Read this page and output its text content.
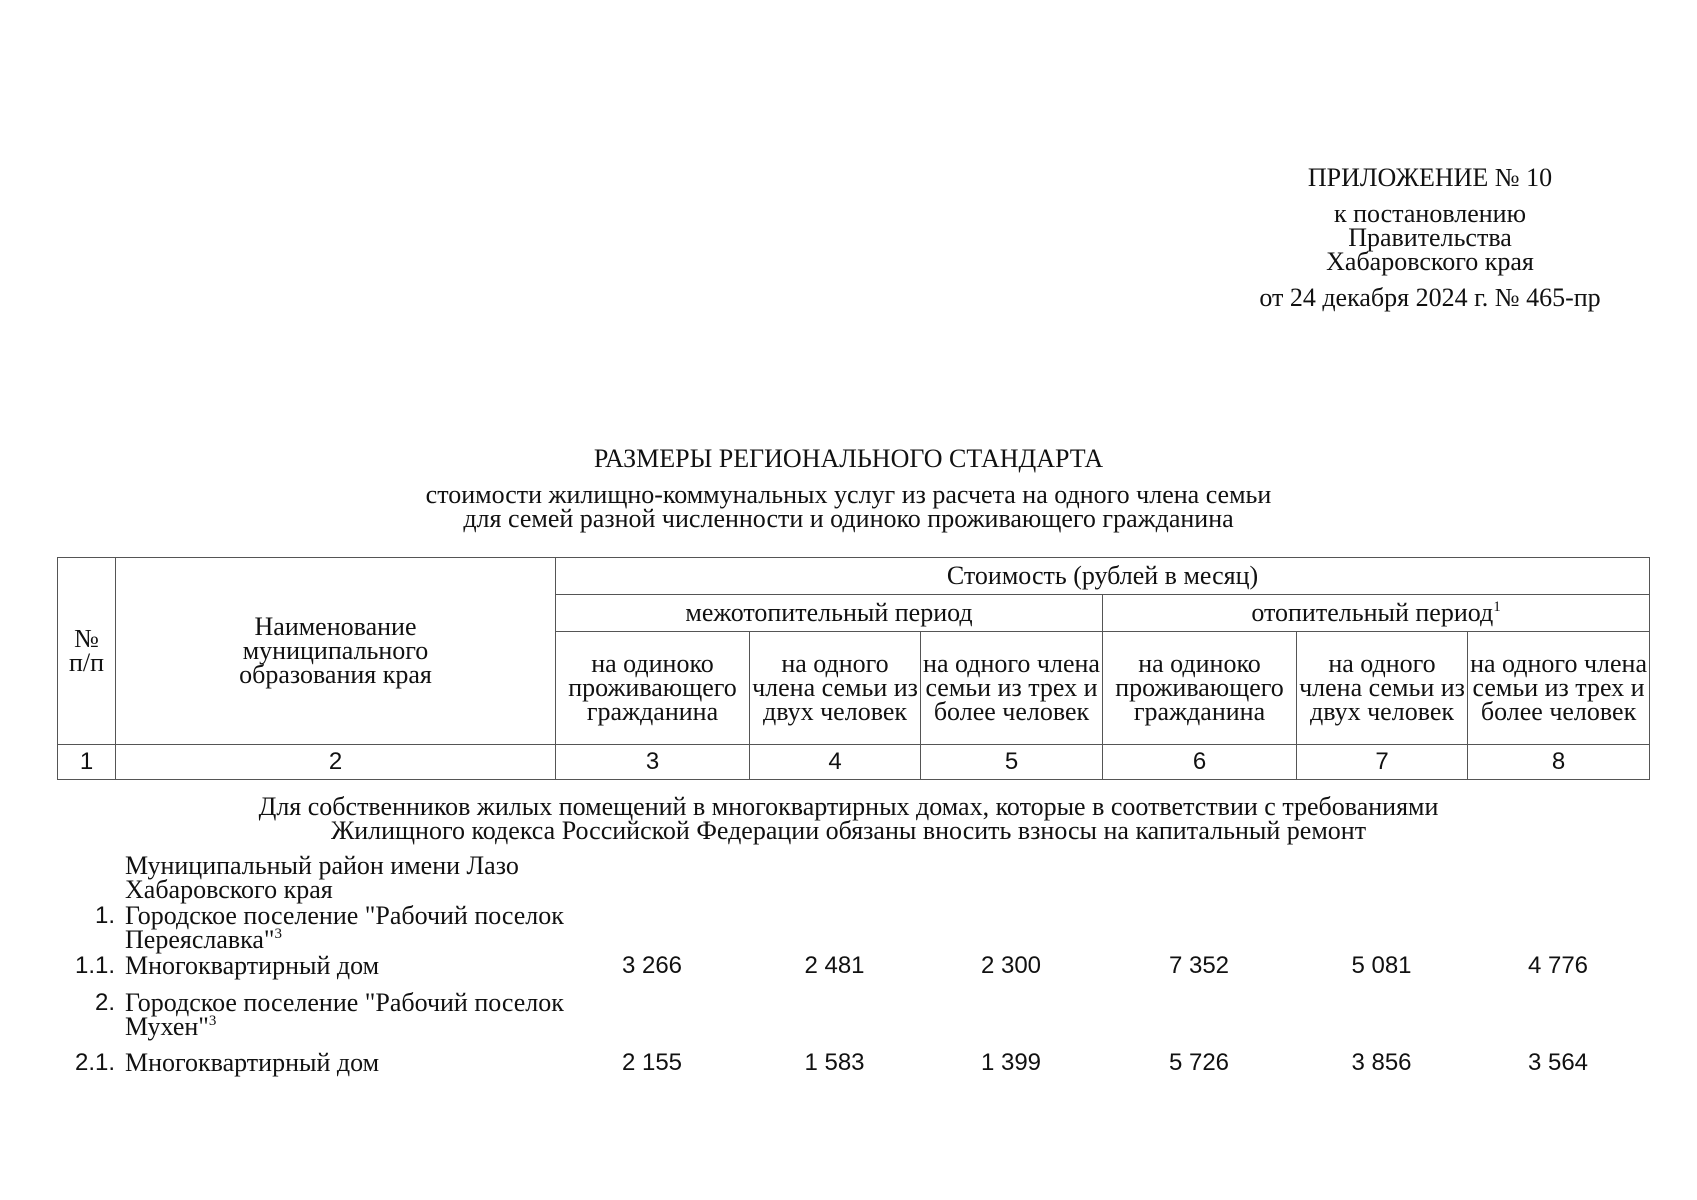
ПРИЛОЖЕНИЕ № 10
к постановлению
Правительства
Хабаровского края
от 24 декабря 2024 г. № 465-пр
РАЗМЕРЫ РЕГИОНАЛЬНОГО СТАНДАРТА
стоимости жилищно-коммунальных услуг из расчета на одного члена семьи
для семей разной численности и одиноко проживающего гражданина
№ п/п	Наименование муниципального образования края	Стоимость (рублей в месяц)					
		межотопительный период			отопительный период$^1$
		на одиноко проживающего гражданина	на одного члена семьи из двух человек	на одного члена семьи из трех и более человек	на одиноко проживающего гражданина	на одного члена семьи из двух человек	на одного члена семьи из трех и более человек
1	2	3	4	5	6	7	8
Для собственников жилых помещений в многоквартирных домах, которые в соответствии с требованиями
Жилищного кодекса Российской Федерации обязаны вносить взносы на капитальный ремонт
Муниципальный район имени Лазо Хабаровского края
1. Городское поселение "Рабочий поселок Переяславка"$^3$
1.1. Многоквартирный дом	3 266	2 481	2 300	7 352	5 081	4 776
2. Городское поселение "Рабочий поселок Мухен"$^3$
2.1. Многоквартирный дом	2 155	1 583	1 399	5 726	3 856	3 564
